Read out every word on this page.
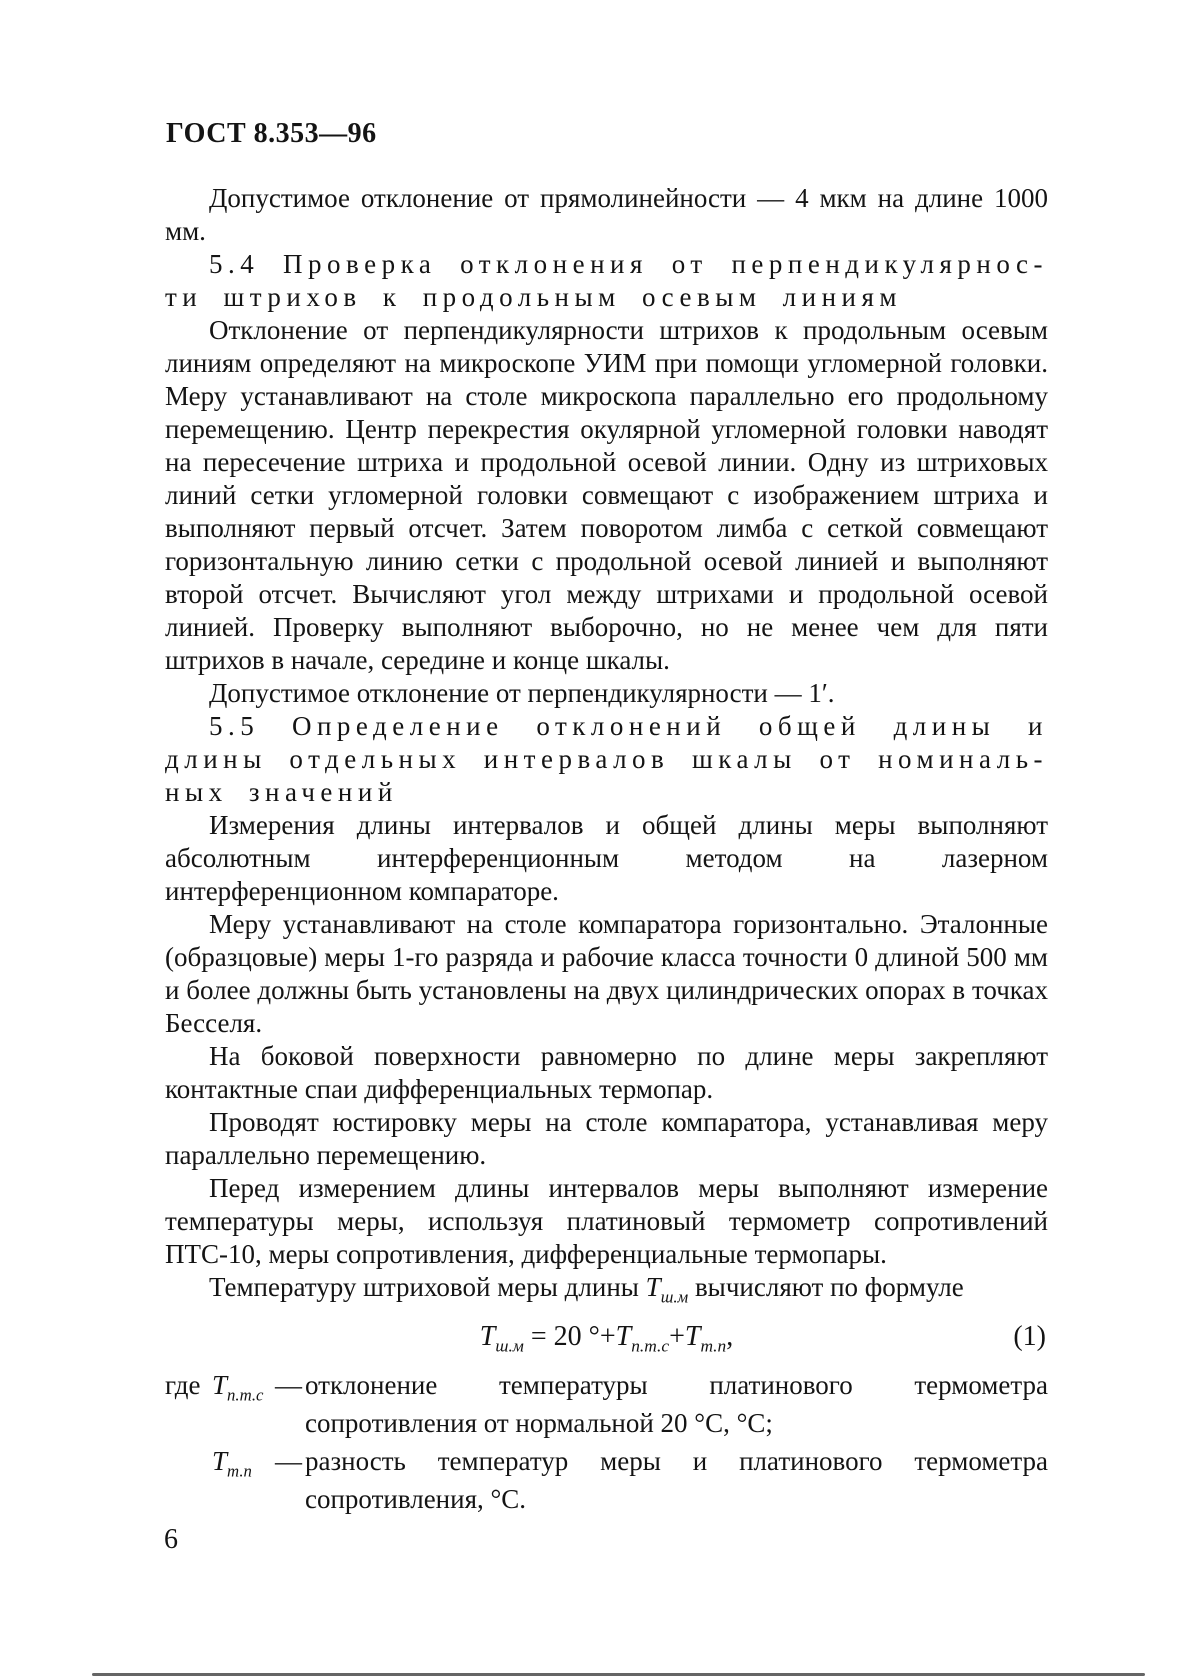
ГОСТ 8.353—96

Допустимое отклонение от прямолинейности — 4 мкм на длине 1000 мм.

5.4 Проверка отклонения от перпендикулярнос-
ти штрихов к продольным осевым линиям

Отклонение от перпендикулярности штрихов к продольным осевым линиям определяют на микроскопе УИМ при помощи угломерной головки. Меру устанавливают на столе микроскопа параллельно его продольному перемещению. Центр перекрестия окулярной угломерной головки наводят на пересечение штриха и продольной осевой линии. Одну из штриховых линий сетки угломерной головки совмещают с изображением штриха и выполняют первый отсчет. Затем поворотом лимба с сеткой совмещают горизонтальную линию сетки с продольной осевой линией и выполняют второй отсчет. Вычисляют угол между штрихами и продольной осевой линией. Проверку выполняют выборочно, но не менее чем для пяти штрихов в начале, середине и конце шкалы.

Допустимое отклонение от перпендикулярности — 1′.

5.5 Определение отклонений общей длины и
длины отдельных интервалов шкалы от номиналь-
ных значений

Измерения длины интервалов и общей длины меры выполняют абсолютным интерференционным методом на лазерном интерференционном компараторе.

Меру устанавливают на столе компаратора горизонтально. Эталонные (образцовые) меры 1-го разряда и рабочие класса точности 0 длиной 500 мм и более должны быть установлены на двух цилиндрических опорах в точках Бесселя.

На боковой поверхности равномерно по длине меры закрепляют контактные спаи дифференциальных термопар.

Проводят юстировку меры на столе компаратора, устанавливая меру параллельно перемещению.

Перед измерением длины интервалов меры выполняют измерение температуры меры, используя платиновый термометр сопротивлений ПТС-10, меры сопротивления, дифференциальные термопары.

Температуру штриховой меры длины $T_{ш.м}$ вычисляют по формуле

$T_{ш.м} = 20$ $^\circ+T_{п.т.с}+T_{т.п}$,	(1)
где $T_{п.т.с}$ — отклонение температуры платинового термометра сопротивления от нормальной 20 °С, °С;
$T_{т.п}$ — разность температур меры и платинового термометра сопротивления, °С.
6
